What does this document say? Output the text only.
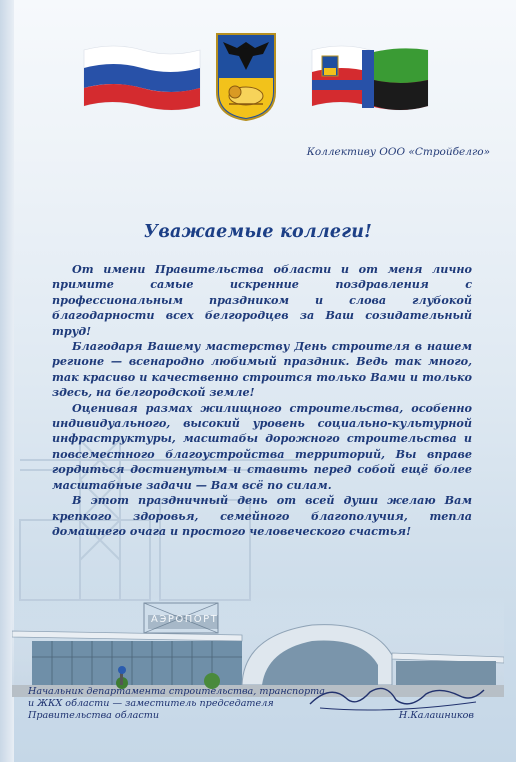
Коллективу ООО «Стройбелго»
Уважаемые коллеги!

От имени Правительства области и от меня лично примите самые искренние поздравления с профессиональным праздником и слова глубокой благодарности всех белгородцев за Ваш созидательный труд!

Благодаря Вашему мастерству День строителя в нашем регионе — всенародно любимый праздник. Ведь так много, так красиво и качественно строится только Вами и только здесь, на белгородской земле!

Оценивая размах жилищного строительства, особенно индивидуального, высокий уровень социально-культурной инфраструктуры, масштабы дорожного строительства и повсеместного благоустройства территорий, Вы вправе гордиться достигнутым и ставить перед собой ещё более масштабные задачи — Вам всё по силам.

В этот праздничный день от всей души желаю Вам крепкого здоровья, семейного благополучия, тепла домашнего очага и простого человеческого счастья!

АЭРОПОРТ
Начальник департамента строительства, транспорта и ЖКХ области — заместитель председателя Правительства области	Н.Калашников
